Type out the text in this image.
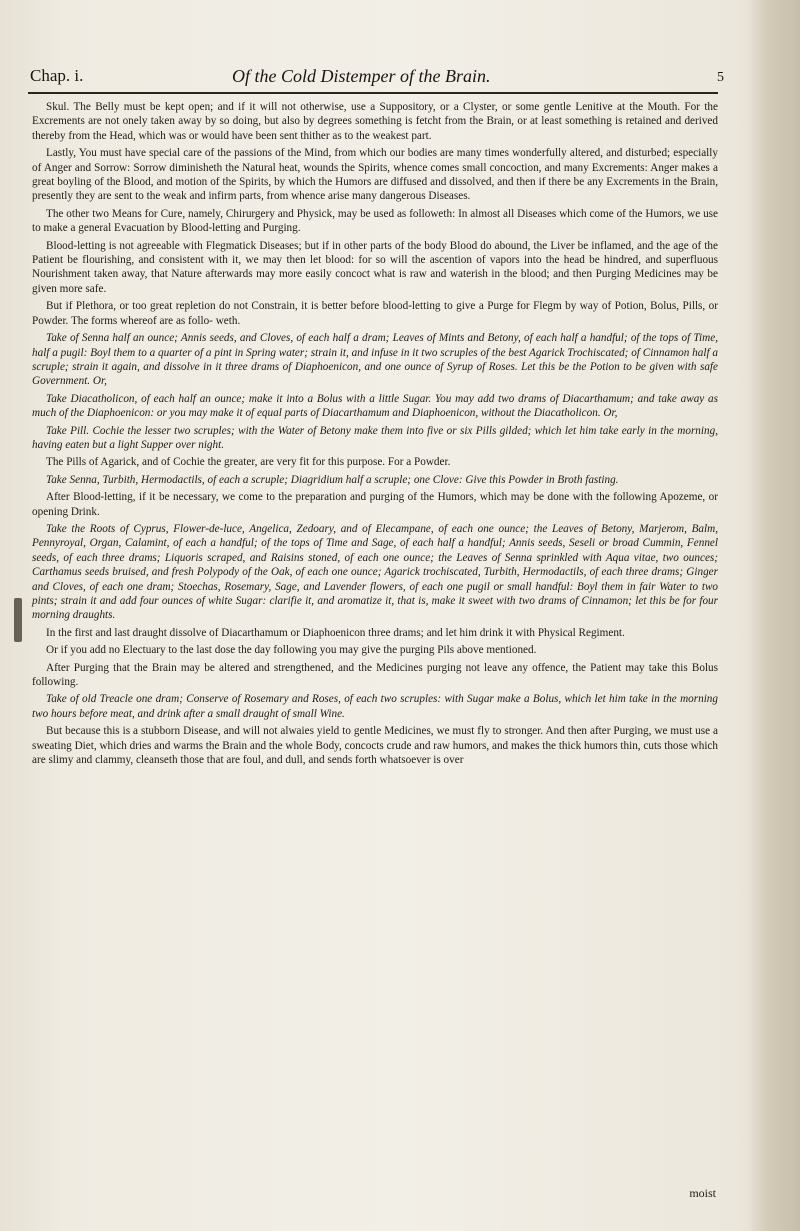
Chap. i.	Of the Cold Distemper of the Brain.	5

Skul. The Belly must be kept open; and if it will not otherwise, use a Suppository, or a Clyster, or some gentle Lenitive at the Mouth. For the Excrements are not onely taken away by so doing, but also by degrees something is fetcht from the Brain, or at least something is retained and derived thereby from the Head, which was or would have been sent thither as to the weakest part.

Lastly, You must have special care of the passions of the Mind, from which our bodies are many times wonderfully altered, and disturbed; especially of Anger and Sorrow: Sorrow diminisheth the Natural heat, wounds the Spirits, whence comes small concoction, and many Excrements: Anger makes a great boyling of the Blood, and motion of the Spirits, by which the Humors are diffused and dissolved, and then if there be any Excrements in the Brain, presently they are sent to the weak and infirm parts, from whence arise many dangerous Diseases.

The other two Means for Cure, namely, Chirurgery and Physick, may be used as followeth: In almost all Diseases which come of the Humors, we use to make a general Evacuation by Blood-letting and Purging.

Blood-letting is not agreeable with Flegmatick Diseases; but if in other parts of the body Blood do abound, the Liver be inflamed, and the age of the Patient be flourishing, and consistent with it, we may then let blood: for so will the ascention of vapors into the head be hindred, and superfluous Nourishment taken away, that Nature afterwards may more easily concoct what is raw and waterish in the blood; and then Purging Medicines may be given more safe.

But if Plethora, or too great repletion do not Constrain, it is better before blood-letting to give a Purge for Flegm by way of Potion, Bolus, Pills, or Powder. The forms whereof are as follo- weth.

Take of Senna half an ounce; Annis seeds, and Cloves, of each half a dram; Leaves of Mints and Betony, of each half a handful; of the tops of Time, half a pugil: Boyl them to a quarter of a pint in Spring water; strain it, and infuse in it two scruples of the best Agarick Trochiscated; of Cinnamon half a scruple; strain it again, and dissolve in it three drams of Diaphoenicon, and one ounce of Syrup of Roses. Let this be the Potion to be given with safe Government. Or,

Take Diacatholicon, of each half an ounce; make it into a Bolus with a little Sugar. You may add two drams of Diacarthamum; and take away as much of the Diaphoenicon: or you may make it of equal parts of Diacarthamum and Diaphoenicon, without the Diacatholicon. Or,

Take Pill. Cochie the lesser two scruples; with the Water of Betony make them into five or six Pills gilded; which let him take early in the morning, having eaten but a light Supper over night.

The Pills of Agarick, and of Cochie the greater, are very fit for this purpose. For a Powder.

Take Senna, Turbith, Hermodactils, of each a scruple; Diagridium half a scruple; one Clove: Give this Powder in Broth fasting.

After Blood-letting, if it be necessary, we come to the preparation and purging of the Humors, which may be done with the following Apozeme, or opening Drink.

Take the Roots of Cyprus, Flower-de-luce, Angelica, Zedoary, and of Elecampane, of each one ounce; the Leaves of Betony, Marjerom, Balm, Pennyroyal, Organ, Calamint, of each a handful; of the tops of Time and Sage, of each half a handful; Annis seeds, Seseli or broad Cummin, Fennel seeds, of each three drams; Liquoris scraped, and Raisins stoned, of each one ounce; the Leaves of Senna sprinkled with Aqua vitae, two ounces; Carthamus seeds bruised, and fresh Polypody of the Oak, of each one ounce; Agarick trochiscated, Turbith, Hermodactils, of each three drams; Ginger and Cloves, of each one dram; Stoechas, Rosemary, Sage, and Lavender flowers, of each one pugil or small handful: Boyl them in fair Water to two pints; strain it and add four ounces of white Sugar: clarifie it, and aromatize it, that is, make it sweet with two drams of Cinnamon; let this be for four morning draughts.

In the first and last draught dissolve of Diacarthamum or Diaphoenicon three drams; and let him drink it with Physical Regiment.

Or if you add no Electuary to the last dose the day following you may give the purging Pils above mentioned.

After Purging that the Brain may be altered and strengthened, and the Medicines purging not leave any offence, the Patient may take this Bolus following.

Take of old Treacle one dram; Conserve of Rosemary and Roses, of each two scruples: with Sugar make a Bolus, which let him take in the morning two hours before meat, and drink after a small draught of small Wine.

But because this is a stubborn Disease, and will not alwaies yield to gentle Medicines, we must fly to stronger. And then after Purging, we must use a sweating Diet, which dries and warms the Brain and the whole Body, concocts crude and raw humors, and makes the thick humors thin, cuts those which are slimy and clammy, cleanseth those that are foul, and dull, and sends forth whatsoever is over

moist
